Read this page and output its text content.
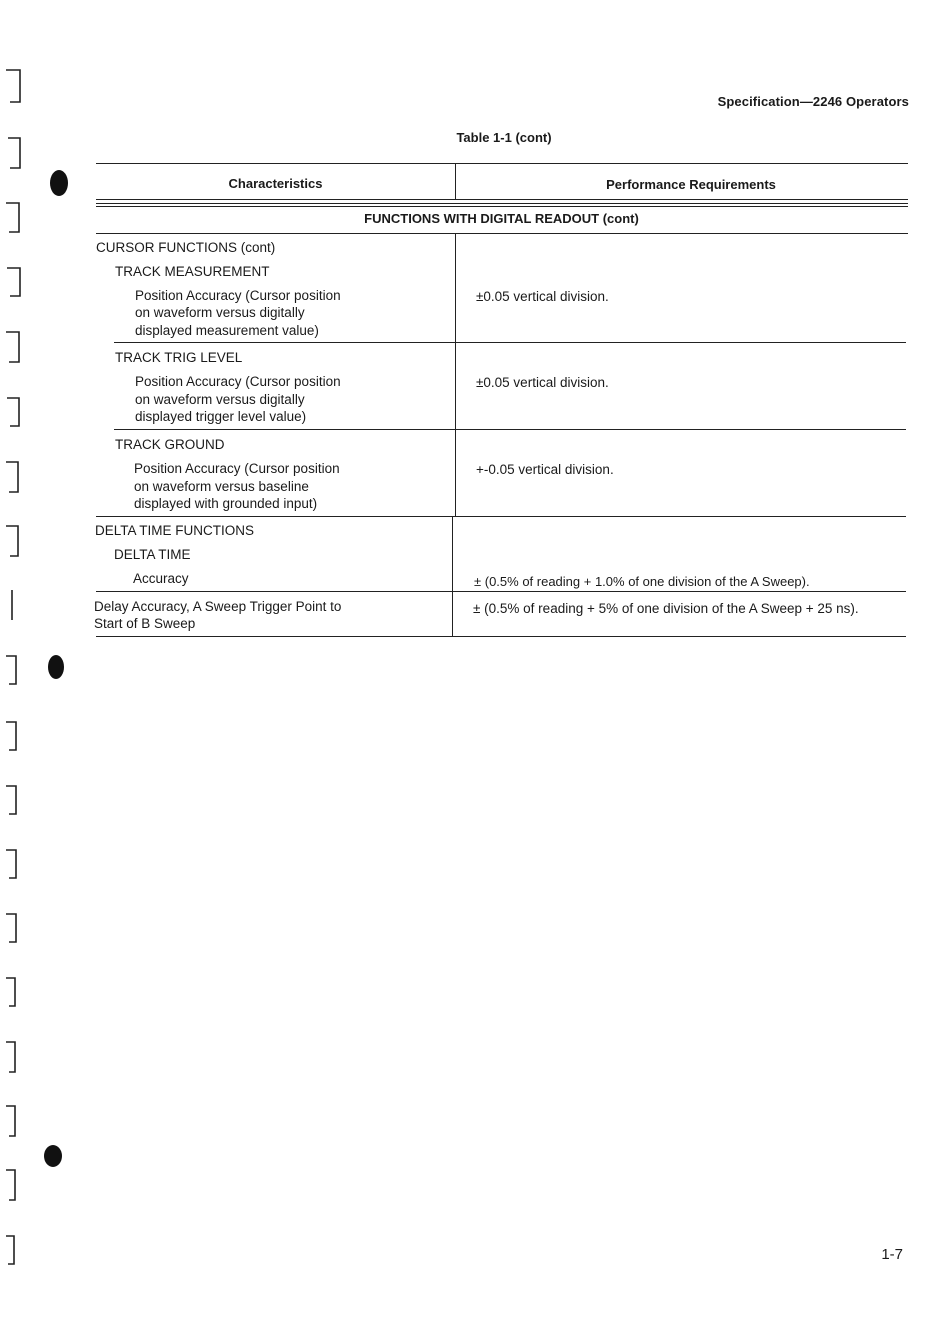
Specification—2246 Operators
Table 1-1 (cont)
Characteristics	Performance Requirements
FUNCTIONS WITH DIGITAL READOUT (cont)
CURSOR FUNCTIONS (cont)
TRACK MEASUREMENT
Position Accuracy (Cursor position
on waveform versus digitally
displayed measurement value)
±0.05 vertical division.
TRACK TRIG LEVEL
Position Accuracy (Cursor position
on waveform versus digitally
displayed trigger level value)
±0.05 vertical division.
TRACK GROUND
Position Accuracy (Cursor position
on waveform versus baseline
displayed with grounded input)
+-0.05 vertical division.
DELTA TIME FUNCTIONS
DELTA TIME
Accuracy	± (0.5% of reading + 1.0% of one division of the A Sweep).
Delay Accuracy, A Sweep Trigger Point to
Start of B Sweep
± (0.5% of reading + 5% of one division of the A Sweep + 25 ns).
1-7
